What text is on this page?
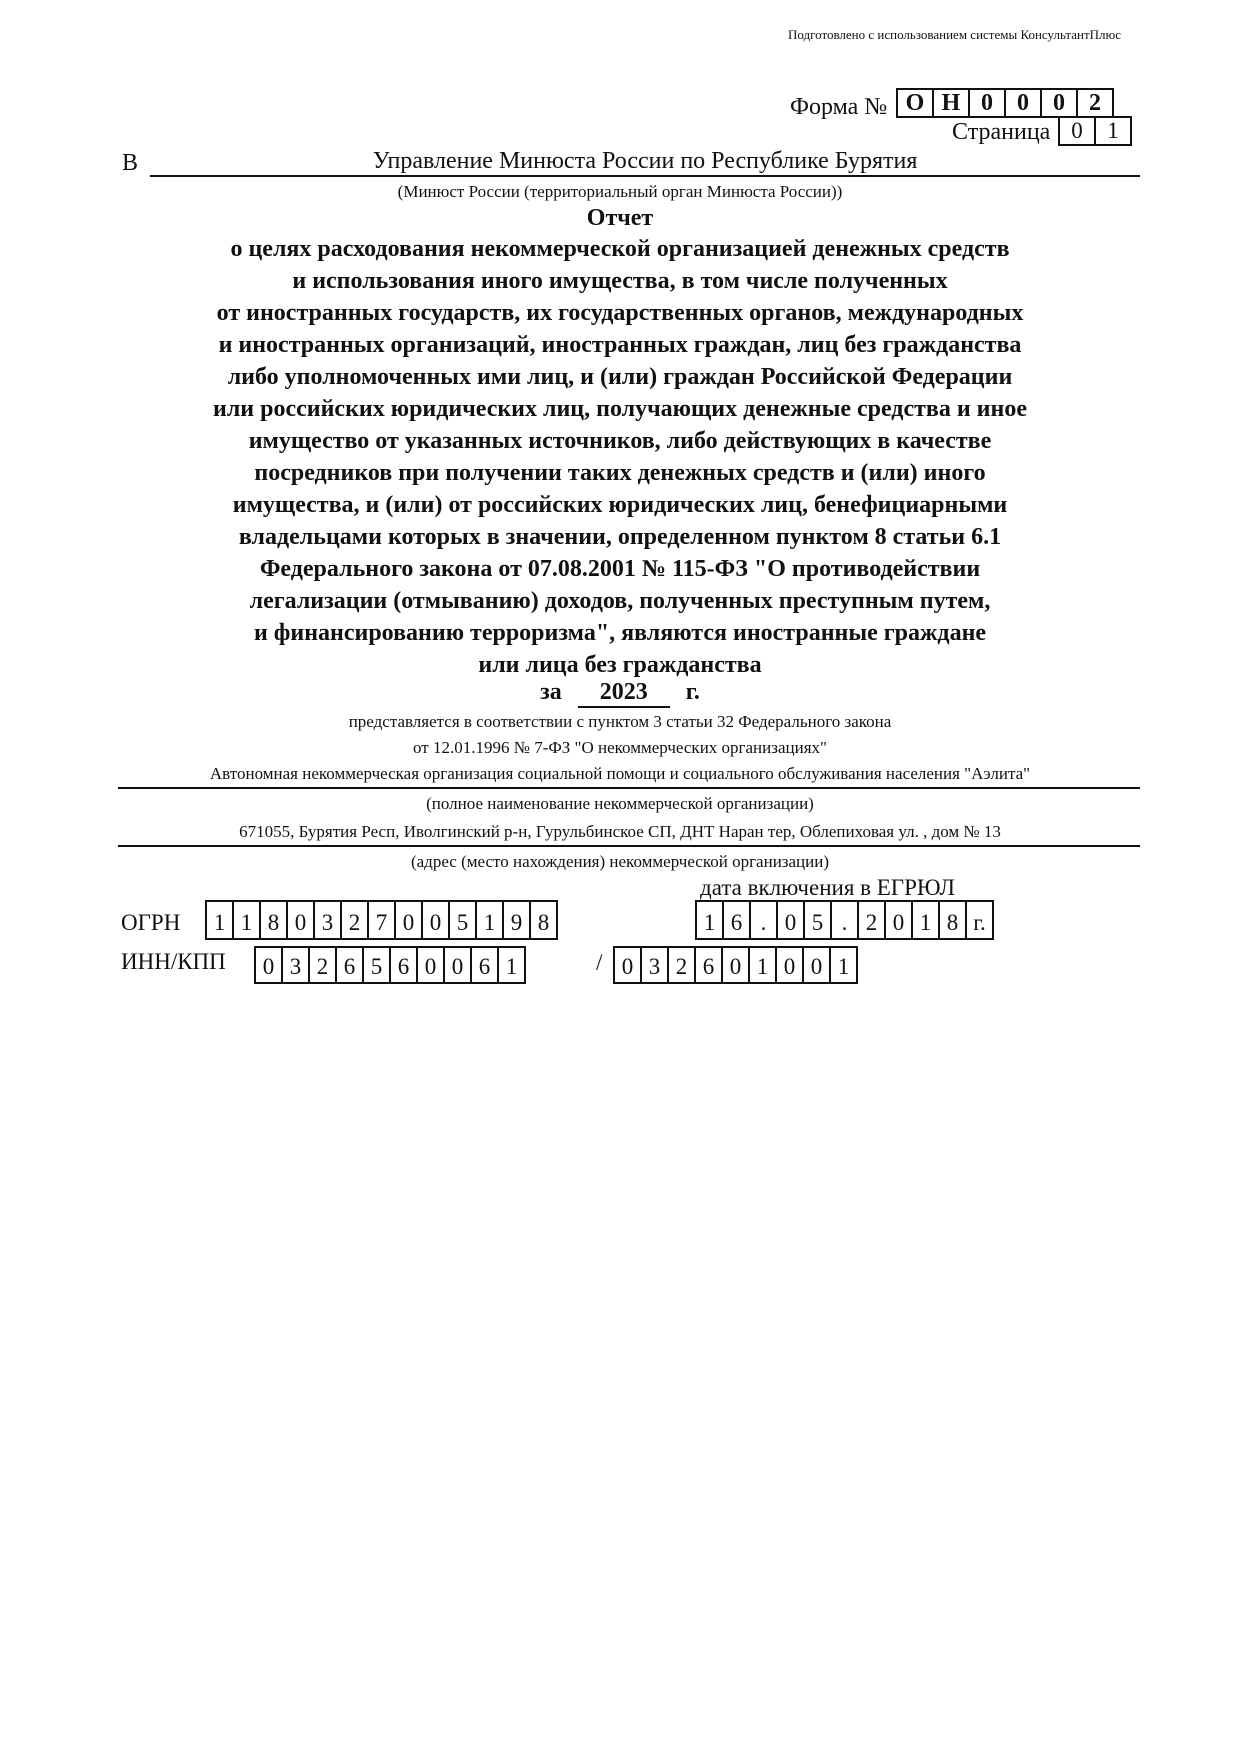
Подготовлено с использованием системы КонсультантПлюс
Форма № О Н 0	0	0	2
Страница 0	1
В	Управление Минюста России по Республике Бурятия
(Минюст России (территориальный орган Минюста России))
Отчет
о целях расходования некоммерческой организацией денежных средств
и использования иного имущества, в том числе полученных
от иностранных государств, их государственных органов, международных
и иностранных организаций, иностранных граждан, лиц без гражданства
либо уполномоченных ими лиц, и (или) граждан Российской Федерации
или российских юридических лиц, получающих денежные средства и иное
имущество от указанных источников, либо действующих в качестве
посредников при получении таких денежных средств и (или) иного
имущества, и (или) от российских юридических лиц, бенефициарными
владельцами которых в значении, определенном пунктом 8 статьи 6.1
Федерального закона от 07.08.2001 № 115-ФЗ "О противодействии
легализации (отмыванию) доходов, полученных преступным путем,
и финансированию терроризма", являются иностранные граждане
или лица без гражданства
за 2023 г.
представляется в соответствии с пунктом 3 статьи 32 Федерального закона
от 12.01.1996 № 7-ФЗ "О некоммерческих организациях"
Автономная некоммерческая организация социальной помощи и социального обслуживания населения "Аэлита"
(полное наименование некоммерческой организации)
671055, Бурятия Респ, Иволгинский р-н, Гурульбинское СП, ДНТ Наран тер, Облепиховая ул. , дом № 13
(адрес (место нахождения) некоммерческой организации)
дата включения в ЕГРЮЛ
ОГРН	1 1 8 0 3 2 7 0 0 5 1 9 8	1 6 . 0 5 . 2 0 1 8 г.
ИНН/КПП	0 3 2 6 5 6 0 0 6 1	/ 0 3 2 6 0 1 0 0 1
